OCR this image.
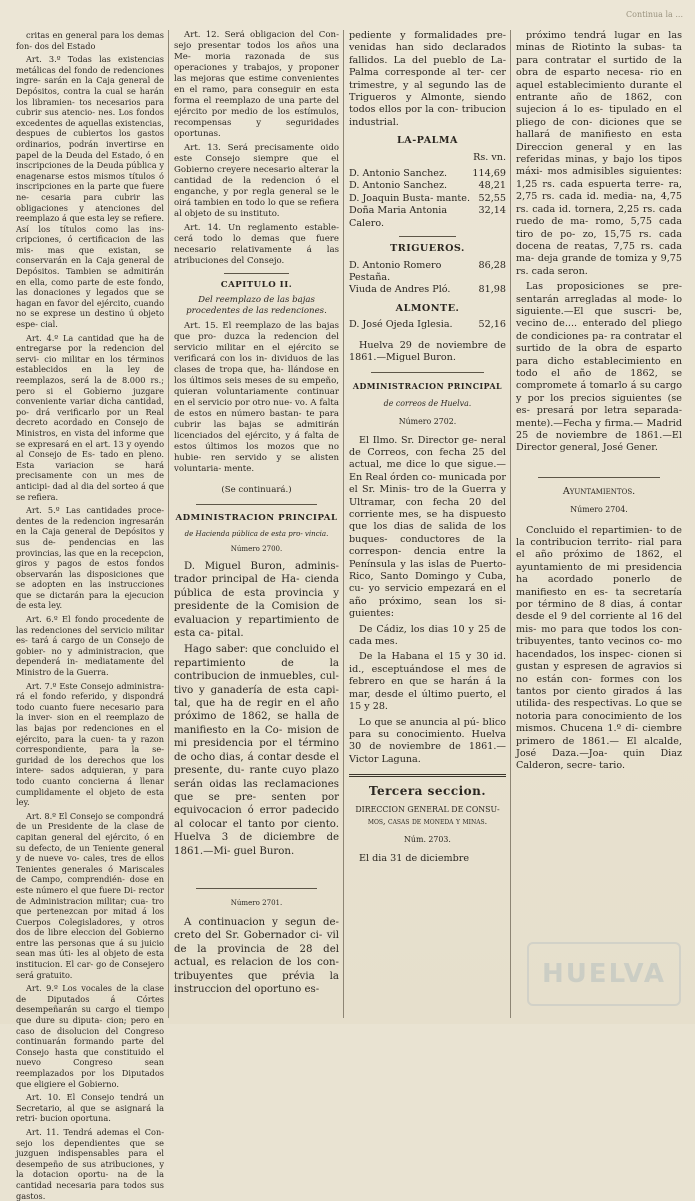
Continua la ...

critas en general para los demas fon- dos del Estado

Art. 3.º Todas las existencias metálicas del fondo de redenciones ingre- sarán en la Caja general de Depósitos, contra la cual se harán los libramien- tos necesarios para cubrir sus atencio- nes. Los fondos excedentes de aquellas existencias, despues de cubiertos los gastos ordinarios, podrán invertirse en papel de la Deuda del Estado, ó en inscripciones de la Deuda pública y enagenarse estos mismos títulos ó inscripciones en la parte que fuere ne- cesaria para cubrir las obligaciones y atenciones del reemplazo á que esta ley se refiere. Así los títulos como las ins- cripciones, ó certificacion de las mis- mas que existan, se conservarán en la Caja general de Depósitos. Tambien se admitirán en ella, como parte de este fondo, las donaciones y legados que se hagan en favor del ejército, cuando no se exprese un destino ú objeto espe- cial.

Art. 4.º La cantidad que ha de entregarse por la redencion del servi- cio militar en los términos establecidos en la ley de reemplazos, será la de 8.000 rs.; pero si el Gobierno juzgare conveniente variar dicha cantidad, po- drá verificarlo por un Real decreto acordado en Consejo de Ministros, en vista del informe que se expresará en el art. 13 y oyendo al Consejo de Es- tado en pleno. Esta variacion se hará precisamente con un mes de anticipi- dad al dia del sorteo á que se refiera.

Art. 5.º Las cantidades proce- dentes de la redencion ingresarán en la Caja general de Depósitos y sus de- pendencias en las provincias, las que en la recepcion, giros y pagos de estos fondos observarán las disposiciones que se adopten en las instrucciones que se dictarán para la ejecucion de esta ley.

Art. 6.º El fondo procedente de las redenciones del servicio militar es- tará á cargo de un Consejo de gobier- no y administracion, que dependerá in- mediatamente del Ministro de la Guerra.

Art. 7.º Este Consejo administra- rá el fondo referido, y dispondrá todo cuanto fuere necesario para la inver- sion en el reemplazo de las bajas por redenciones en el ejército, para la cuen- ta y razon correspondiente, para la se- guridad de los derechos que los intere- sados adquieran, y para todo cuanto concierna á llenar cumplidamente el objeto de esta ley.

Art. 8.º El Consejo se compondrá de un Presidente de la clase de capitan general del ejército, ó en su defecto, de un Teniente general y de nueve vo- cales, tres de ellos Tenientes generales ó Mariscales de Campo, comprendién- dose en este número el que fuere Di- rector de Administracion militar; cua- tro que pertenezcan por mitad á los Cuerpos Colegisladores, y otros dos de libre eleccion del Gobierno entre las personas que á su juicio sean mas úti- les al objeto de esta institucion. El car- go de Consejero será gratuito.

Art. 9.º Los vocales de la clase de Diputados á Córtes desempeñarán su cargo el tiempo que dure su diputa- cion; pero en caso de disolucion del Congreso continuarán formando parte del Consejo hasta que constituido el nuevo Congreso sean reemplazados por los Diputados que eligiere el Gobierno.

Art. 10. El Consejo tendrá un Secretario, al que se asignará la retri- bucion oportuna.

Art. 11. Tendrá ademas el Con- sejo los dependientes que se juzguen indispensables para el desempeño de sus atribuciones, y la dotacion oportu- na de la cantidad necesaria para todos sus gastos.

Art. 12. Será obligacion del Con- sejo presentar todos los años una Me- moria razonada de sus operaciones y trabajos, y proponer las mejoras que estime convenientes en el ramo, para conseguir en esta forma el reemplazo de una parte del ejército por medio de los estímulos, recompensas y seguridades oportunas.

Art. 13. Será precisamente oido este Consejo siempre que el Gobierno creyere necesario alterar la cantidad de la redencion ó el enganche, y por regla general se le oirá tambien en todo lo que se refiera al objeto de su instituto.

Art. 14. Un reglamento estable- cerá todo lo demas que fuere necesario relativamente á las atribuciones del Consejo.

CAPITULO II.
Del reemplazo de las bajas procedentes de las redenciones.

Art. 15. El reemplazo de las bajas que pro- duzca la redencion del servicio militar en el ejército se verificará con los in- dividuos de las clases de tropa que, ha- llándose en los últimos seis meses de su empeño, quieran voluntariamente continuar en el servicio por otro nue- vo. A falta de estos en número bastan- te para cubrir las bajas se admitirán licenciados del ejército, y á falta de estos últimos los mozos que no hubie- ren servido y se alisten voluntaria- mente.

(Se continuará.)
ADMINISTRACION PRINCIPAL
de Hacienda pública de esta pro- vincia.
Número 2700.

D. Miguel Buron, adminis- trador principal de Ha- cienda pública de esta provincia y presidente de la Comision de evaluacion y repartimiento de esta ca- pital.

Hago saber: que concluido el repartimiento de la contribucion de inmuebles, cul- tivo y ganadería de esta capi- tal, que ha de regir en el año próximo de 1862, se halla de manifiesto en la Co- mision de mi presidencia por el término de ocho dias, á contar desde el presente, du- rante cuyo plazo serán oidas las reclamaciones que se pre- senten por equivocacion ó error padecido al colocar el tanto por ciento. Huelva 3 de diciembre de 1861.—Mi- guel Buron.

Número 2701.

A continuacion y segun de- creto del Sr. Gobernador ci- vil de la provincia de 28 del actual, es relacion de los con- tribuyentes que prévia la instruccion del oportuno es-

pediente y formalidades pre- venidas han sido declarados fallidos. La del pueblo de La-Palma corresponde al ter- cer trimestre, y al segundo las de Trigueros y Almonte, siendo todos ellos por la con- tribucion industrial.

LA-PALMA
Rs. vn.
D. Antonio Sanchez.	114,69
D. Antonio Sanchez.	48,21
D. Joaquin Busta- mante.	52,55
Doña Maria Antonia Calero.	32,14
TRIGUEROS.
D. Antonio Romero Pestaña.	86,28
Viuda de Andres Pló.	81,98
ALMONTE.
D. José Ojeda Iglesia.	52,16

Huelva 29 de noviembre de 1861.—Miguel Buron.

ADMINISTRACION PRINCIPAL
de correos de Huelva.
Número 2702.

El Ilmo. Sr. Director ge- neral de Correos, con fecha 25 del actual, me dice lo que sigue.—En Real órden co- municada por el Sr. Minis- tro de la Guerra y Ultramar, con fecha 20 del corriente mes, se ha dispuesto que los dias de salida de los buques- conductores de la correspon- dencia entre la Península y las islas de Puerto-Rico, Santo Domingo y Cuba, cu- yo servicio empezará en el año próximo, sean los si- guientes:

De Cádiz, los dias 10 y 25 de cada mes.

De la Habana el 15 y 30 id. id., esceptuándose el mes de febrero en que se harán á la mar, desde el último puerto, el 15 y 28.

Lo que se anuncia al pú- blico para su conocimiento. Huelva 30 de noviembre de 1861.—Victor Laguna.

Tercera seccion.
DIRECCION GENERAL DE CONSU- mos, casas de moneda y minas.
Núm. 2703.

El dia 31 de diciembre

próximo tendrá lugar en las minas de Riotinto la subas- ta para contratar el surtido de la obra de esparto necesa- rio en aquel establecimiento durante el entrante año de 1862, con sujecion á lo es- tipulado en el pliego de con- diciones que se hallará de manifiesto en esta Direccion general y en las referidas minas, y bajo los tipos máxi- mos admisibles siguientes: 1,25 rs. cada espuerta terre- ra, 2,75 rs. cada id. media- na, 4,75 rs. cada id. tornera, 2,25 rs. cada ruedo de ma- romo, 5,75 cada tiro de po- zo, 15,75 rs. cada docena de reatas, 7,75 rs. cada ma- deja grande de tomiza y 9,75 rs. cada seron.

Las proposiciones se pre- sentarán arregladas al mode- lo siguiente.—El que suscri- be, vecino de.... enterado del pliego de condiciones pa- ra contratar el surtido de la obra de esparto para dicho establecimiento en todo el año de 1862, se compromete á tomarlo á su cargo y por los precios siguientes (se es- presará por letra separada- mente).—Fecha y firma.— Madrid 25 de noviembre de 1861.—El Director general, José Gener.

Ayuntamientos.
Número 2704.

Concluido el repartimien- to de la contribucion territo- rial para el año próximo de 1862, el ayuntamiento de mi presidencia ha acordado ponerlo de manifiesto en es- ta secretaría por término de 8 dias, á contar desde el 9 del corriente al 16 del mis- mo para que todos los con- tribuyentes, tanto vecinos co- mo hacendados, los inspec- cionen si gustan y espresen de agravios si no están con- formes con los tantos por ciento girados á las utilida- des respectivas. Lo que se notoria para conocimiento de los mismos. Chucena 1.º di- ciembre primero de 1861.— El alcalde, José Daza.—Joa- quin Diaz Calderon, secre- tario.

HUELVA
